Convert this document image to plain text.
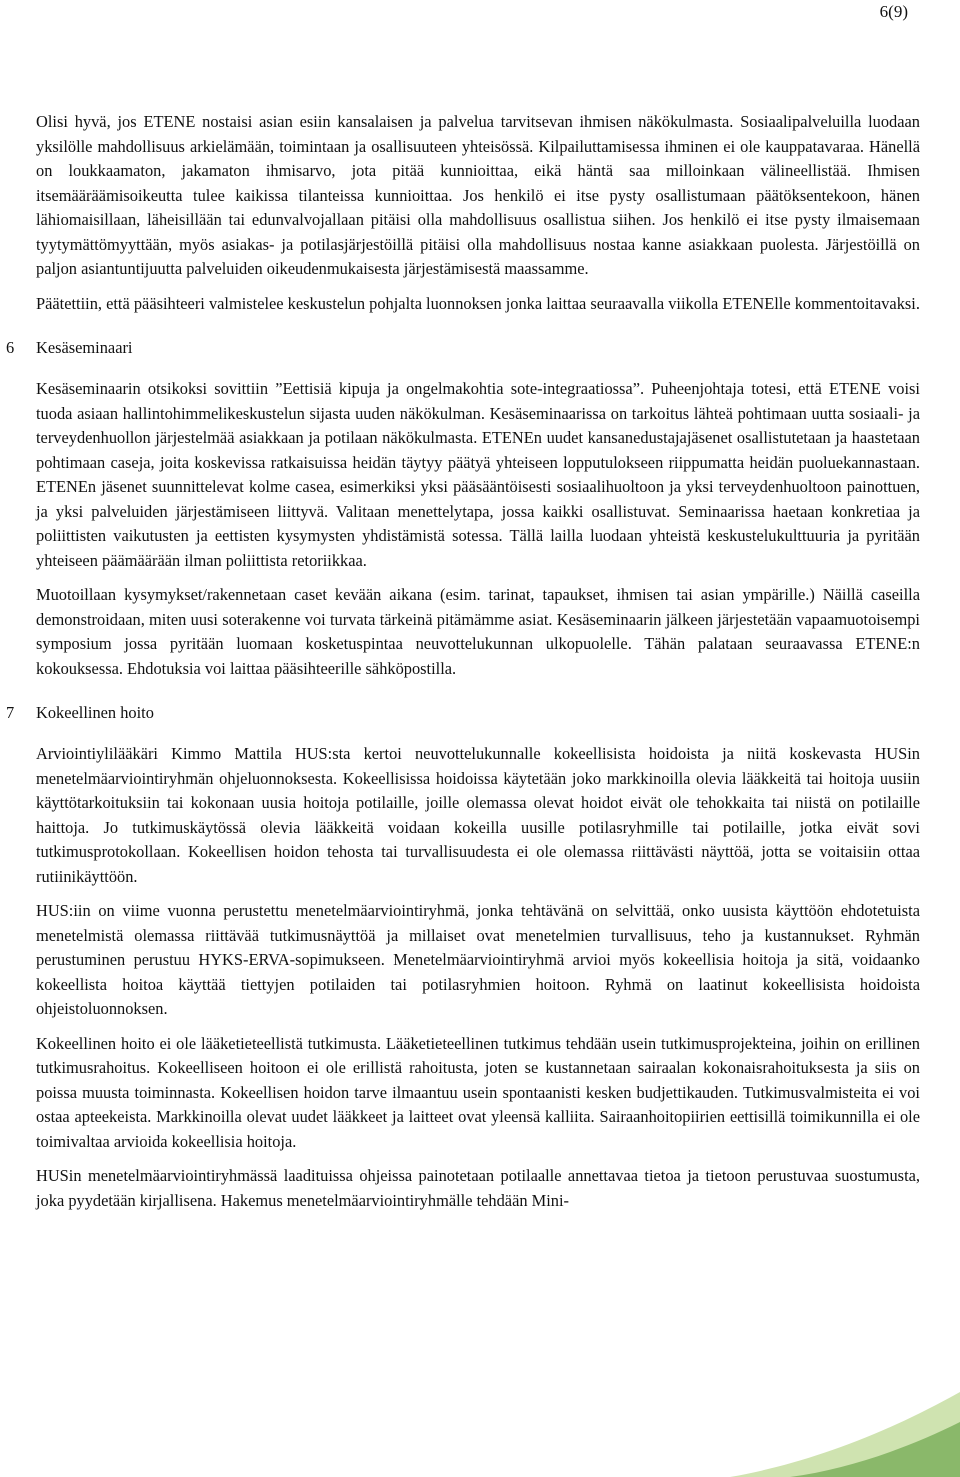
6(9)

Olisi hyvä, jos ETENE nostaisi asian esiin kansalaisen ja palvelua tarvitsevan ihmisen näkökulmasta. Sosiaalipalveluilla luodaan yksilölle mahdollisuus arkielämään, toimintaan ja osallisuuteen yhteisössä. Kilpailuttamisessa ihminen ei ole kauppatavaraa. Hänellä on loukkaamaton, jakamaton ihmisarvo, jota pitää kunnioittaa, eikä häntä saa milloinkaan välineellistää. Ihmisen itsemääräämisoikeutta tulee kaikissa tilanteissa kunnioittaa. Jos henkilö ei itse pysty osallistumaan päätöksentekoon, hänen lähiomaisillaan, läheisillään tai edunvalvojallaan pitäisi olla mahdollisuus osallistua siihen. Jos henkilö ei itse pysty ilmaisemaan tyytymättömyyttään, myös asiakas- ja potilasjärjestöillä pitäisi olla mahdollisuus nostaa kanne asiakkaan puolesta. Järjestöillä on paljon asiantuntijuutta palveluiden oikeudenmukaisesta järjestämisestä maassamme.

Päätettiin, että pääsihteeri valmistelee keskustelun pohjalta luonnoksen jonka laittaa seuraavalla viikolla ETENElle kommentoitavaksi.

6 Kesäseminaari

Kesäseminaarin otsikoksi sovittiin ”Eettisiä kipuja ja ongelmakohtia sote-integraatiossa”. Puheenjohtaja totesi, että ETENE voisi tuoda asiaan hallintohimmelikeskustelun sijasta uuden näkökulman. Kesäseminaarissa on tarkoitus lähteä pohtimaan uutta sosiaali- ja terveydenhuollon järjestelmää asiakkaan ja potilaan näkökulmasta. ETENEn uudet kansanedustajajäsenet osallistutetaan ja haastetaan pohtimaan caseja, joita koskevissa ratkaisuissa heidän täytyy päätyä yhteiseen lopputulokseen riippumatta heidän puoluekannastaan. ETENEn jäsenet suunnittelevat kolme casea, esimerkiksi yksi pääsääntöisesti sosiaalihuoltoon ja yksi terveydenhuoltoon painottuen, ja yksi palveluiden järjestämiseen liittyvä. Valitaan menettelytapa, jossa kaikki osallistuvat. Seminaarissa haetaan konkretiaa ja poliittisten vaikutusten ja eettisten kysymysten yhdistämistä sotessa. Tällä lailla luodaan yhteistä keskustelukulttuuria ja pyritään yhteiseen päämäärään ilman poliittista retoriikkaa.

Muotoillaan kysymykset/rakennetaan caset kevään aikana (esim. tarinat, tapaukset, ihmisen tai asian ympärille.) Näillä caseilla demonstroidaan, miten uusi soterakenne voi turvata tärkeinä pitämämme asiat. Kesäseminaarin jälkeen järjestetään vapaamuotoisempi symposium jossa pyritään luomaan kosketuspintaa neuvottelukunnan ulkopuolelle. Tähän palataan seuraavassa ETENE:n kokouksessa. Ehdotuksia voi laittaa pääsihteerille sähköpostilla.

7 Kokeellinen hoito

Arviointiylilääkäri Kimmo Mattila HUS:sta kertoi neuvottelukunnalle kokeellisista hoidoista ja niitä koskevasta HUSin menetelmäarviointiryhmän ohjeluonnoksesta. Kokeellisissa hoidoissa käytetään joko markkinoilla olevia lääkkeitä tai hoitoja uusiin käyttötarkoituksiin tai kokonaan uusia hoitoja potilaille, joille olemassa olevat hoidot eivät ole tehokkaita tai niistä on potilaille haittoja. Jo tutkimuskäytössä olevia lääkkeitä voidaan kokeilla uusille potilasryhmille tai potilaille, jotka eivät sovi tutkimusprotokollaan. Kokeellisen hoidon tehosta tai turvallisuudesta ei ole olemassa riittävästi näyttöä, jotta se voitaisiin ottaa rutiinikäyttöön.

HUS:iin on viime vuonna perustettu menetelmäarviointiryhmä, jonka tehtävänä on selvittää, onko uusista käyttöön ehdotetuista menetelmistä olemassa riittävää tutkimusnäyttöä ja millaiset ovat menetelmien turvallisuus, teho ja kustannukset. Ryhmän perustuminen perustuu HYKS-ERVA-sopimukseen. Menetelmäarviointiryhmä arvioi myös kokeellisia hoitoja ja sitä, voidaanko kokeellista hoitoa käyttää tiettyjen potilaiden tai potilasryhmien hoitoon. Ryhmä on laatinut kokeellisista hoidoista ohjeistoluonnoksen.

Kokeellinen hoito ei ole lääketieteellistä tutkimusta. Lääketieteellinen tutkimus tehdään usein tutkimusprojekteina, joihin on erillinen tutkimusrahoitus. Kokeelliseen hoitoon ei ole erillistä rahoitusta, joten se kustannetaan sairaalan kokonaisrahoituksesta ja siis on poissa muusta toiminnasta. Kokeellisen hoidon tarve ilmaantuu usein spontaanisti kesken budjettikauden. Tutkimusvalmisteita ei voi ostaa apteekeista. Markkinoilla olevat uudet lääkkeet ja laitteet ovat yleensä kalliita. Sairaanhoitopiirien eettisillä toimikunnilla ei ole toimivaltaa arvioida kokeellisia hoitoja.

HUSin menetelmäarviointiryhmässä laadituissa ohjeissa painotetaan potilaalle annettavaa tietoa ja tietoon perustuvaa suostumusta, joka pyydetään kirjallisena. Hakemus menetelmäarviointiryhmälle tehdään Mini-
